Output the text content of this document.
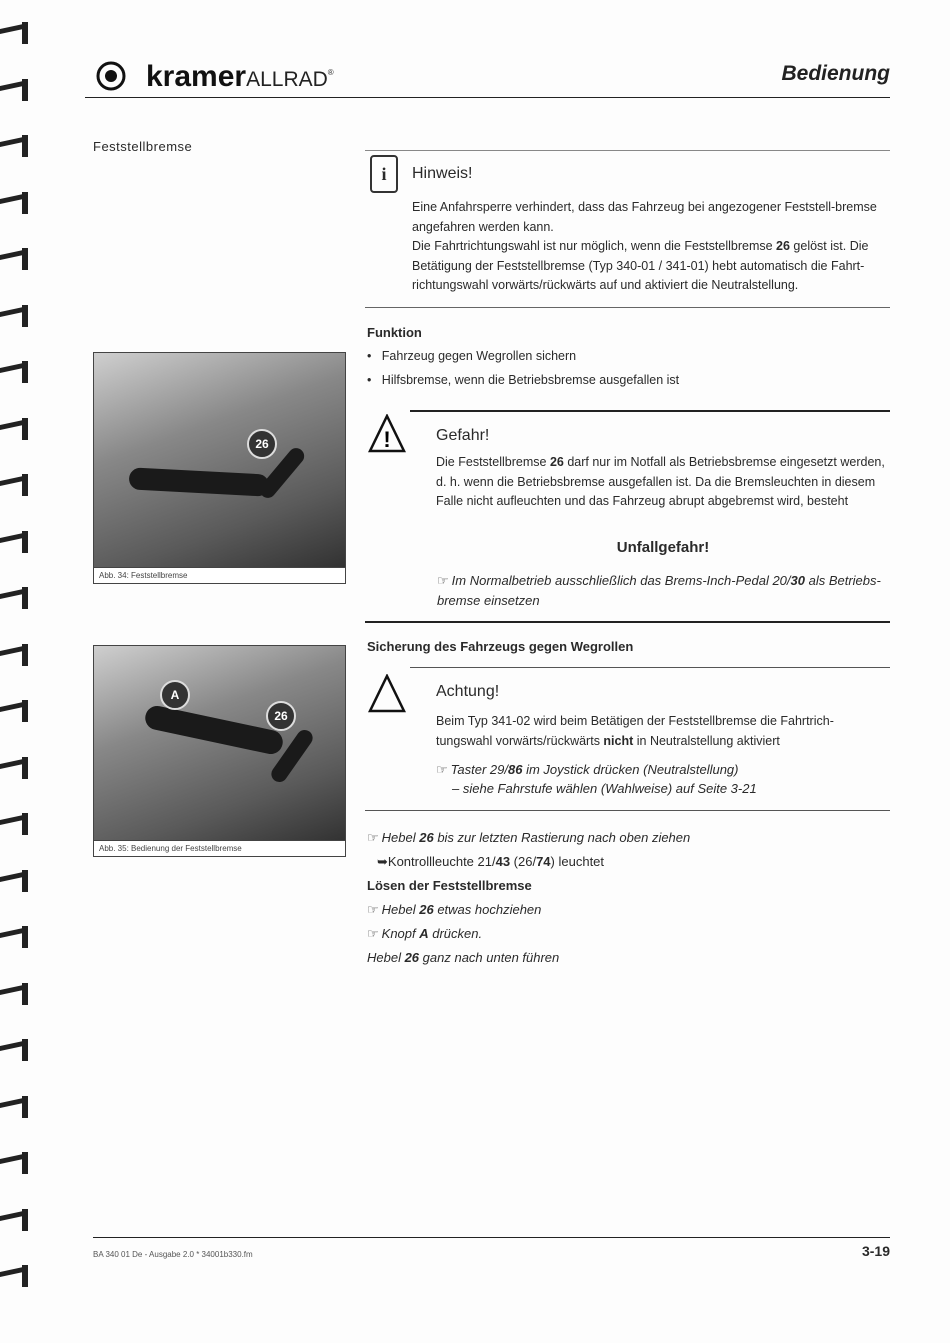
kramerALLRAD®	Bedienung
Feststellbremse
26
Abb. 34: Feststellbremse
A
26
Abb. 35: Bedienung der Feststellbremse
i	Hinweis!
Eine Anfahrsperre verhindert, dass das Fahrzeug bei angezogener Feststell-bremse angefahren werden kann.
Die Fahrtrichtungswahl ist nur möglich, wenn die Feststellbremse 26 gelöst ist. Die Betätigung der Feststellbremse (Typ 340-01 / 341-01) hebt automatisch die Fahrt-richtungswahl vorwärts/rückwärts auf und aktiviert die Neutralstellung.
Funktion
•   Fahrzeug gegen Wegrollen sichern
•   Hilfsbremse, wenn die Betriebsbremse ausgefallen ist
!	Gefahr!
Die Feststellbremse 26 darf nur im Notfall als Betriebsbremse eingesetzt werden, d. h. wenn die Betriebsbremse ausgefallen ist. Da die Bremsleuchten in diesem Falle nicht aufleuchten und das Fahrzeug abrupt abgebremst wird, besteht
Unfallgefahr!
☞ Im Normalbetrieb ausschließlich das Brems-Inch-Pedal 20/30 als Betriebs-bremse einsetzen
Sicherung des Fahrzeugs gegen Wegrollen
Achtung!
Beim Typ 341-02 wird beim Betätigen der Feststellbremse die Fahrtrich-tungswahl vorwärts/rückwärts nicht in Neutralstellung aktiviert
☞ Taster 29/86 im Joystick drücken (Neutralstellung)
– siehe Fahrstufe wählen (Wahlweise) auf Seite 3-21
☞ Hebel 26 bis zur letzten Rastierung nach oben ziehen
➥Kontrollleuchte 21/43 (26/74) leuchtet
Lösen der Feststellbremse
☞ Hebel 26 etwas hochziehen
☞ Knopf A drücken.
Hebel 26 ganz nach unten führen
BA 340 01 De - Ausgabe 2.0 * 34001b330.fm	3-19
